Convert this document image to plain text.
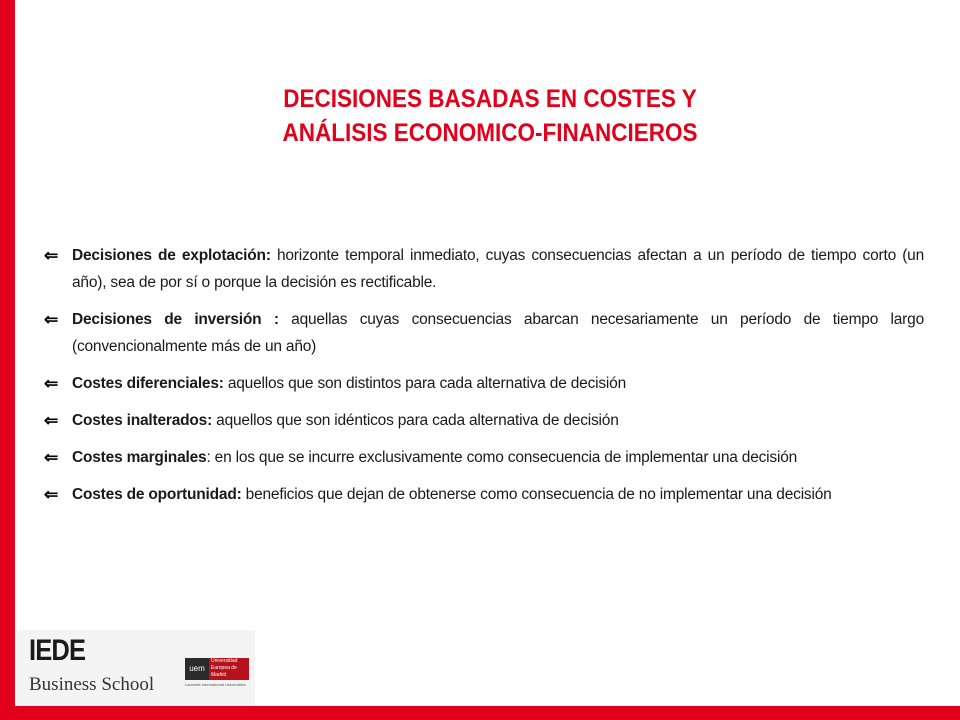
DECISIONES BASADAS EN COSTES Y
ANÁLISIS ECONOMICO-FINANCIEROS
⇐ Decisiones de explotación: horizonte temporal inmediato, cuyas consecuencias afectan a un período de tiempo corto (un año), sea de por sí o porque la decisión es rectificable.
⇐ Decisiones de inversión : aquellas cuyas consecuencias abarcan necesariamente un período de tiempo largo (convencionalmente más de un año)
⇐ Costes diferenciales: aquellos que son distintos para cada alternativa de decisión
⇐ Costes inalterados: aquellos que son idénticos para cada alternativa de decisión
⇐ Costes marginales: en los que se incurre exclusivamente como consecuencia de implementar una decisión
⇐ Costes de oportunidad: beneficios que dejan de obtenerse como consecuencia de no implementar una decisión
IEDE
Business School
uem
Universidad Europea de Madrid
Laureate International Universities
